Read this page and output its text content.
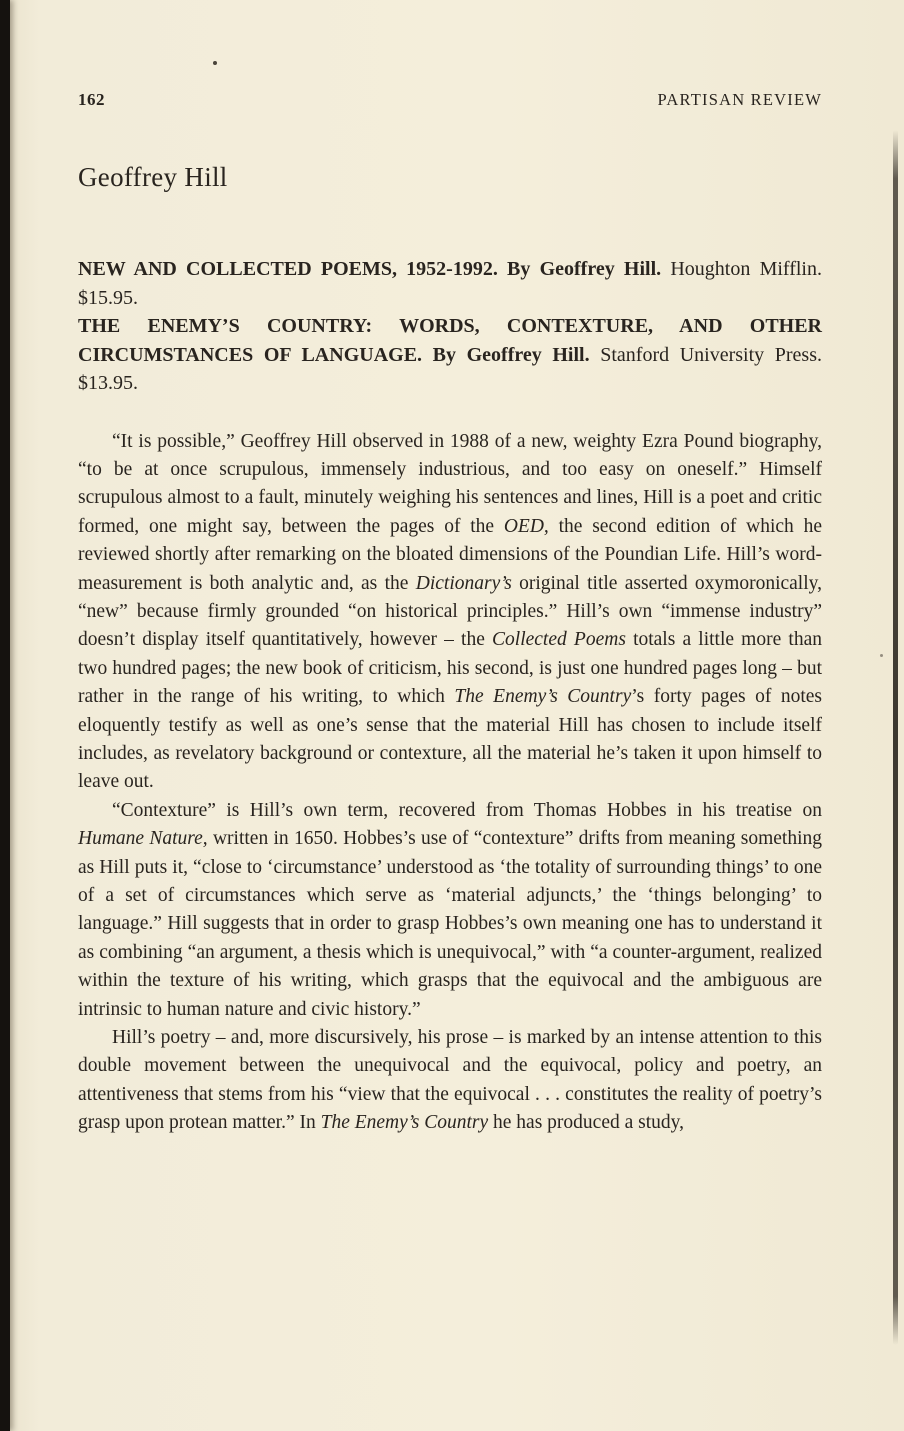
162	PARTISAN REVIEW
Geoffrey Hill

NEW AND COLLECTED POEMS, 1952-1992. By Geoffrey Hill. Houghton Mifflin. $15.95.

THE ENEMY’S COUNTRY: WORDS, CONTEXTURE, AND OTHER CIRCUMSTANCES OF LANGUAGE. By Geoffrey Hill. Stanford University Press. $13.95.

“It is possible,” Geoffrey Hill observed in 1988 of a new, weighty Ezra Pound biography, “to be at once scrupulous, immensely industrious, and too easy on oneself.” Himself scrupulous almost to a fault, minutely weighing his sentences and lines, Hill is a poet and critic formed, one might say, between the pages of the OED, the second edition of which he reviewed shortly after remarking on the bloated dimensions of the Poundian Life. Hill’s word-measurement is both analytic and, as the Dictionary’s original title asserted oxymoronically, “new” because firmly grounded “on historical principles.” Hill’s own “immense industry” doesn’t display itself quantitatively, however – the Collected Poems totals a little more than two hundred pages; the new book of criticism, his second, is just one hundred pages long – but rather in the range of his writing, to which The Enemy’s Country’s forty pages of notes eloquently testify as well as one’s sense that the material Hill has chosen to include itself includes, as revelatory background or contexture, all the material he’s taken it upon himself to leave out.

“Contexture” is Hill’s own term, recovered from Thomas Hobbes in his treatise on Humane Nature, written in 1650. Hobbes’s use of “contexture” drifts from meaning something as Hill puts it, “close to ‘circumstance’ understood as ‘the totality of surrounding things’ to one of a set of circumstances which serve as ‘material adjuncts,’ the ‘things belonging’ to language.” Hill suggests that in order to grasp Hobbes’s own meaning one has to understand it as combining “an argument, a thesis which is unequivocal,” with “a counter-argument, realized within the texture of his writing, which grasps that the equivocal and the ambiguous are intrinsic to human nature and civic history.”

Hill’s poetry – and, more discursively, his prose – is marked by an intense attention to this double movement between the unequivocal and the equivocal, policy and poetry, an attentiveness that stems from his “view that the equivocal . . . constitutes the reality of poetry’s grasp upon protean matter.” In The Enemy’s Country he has produced a study,
